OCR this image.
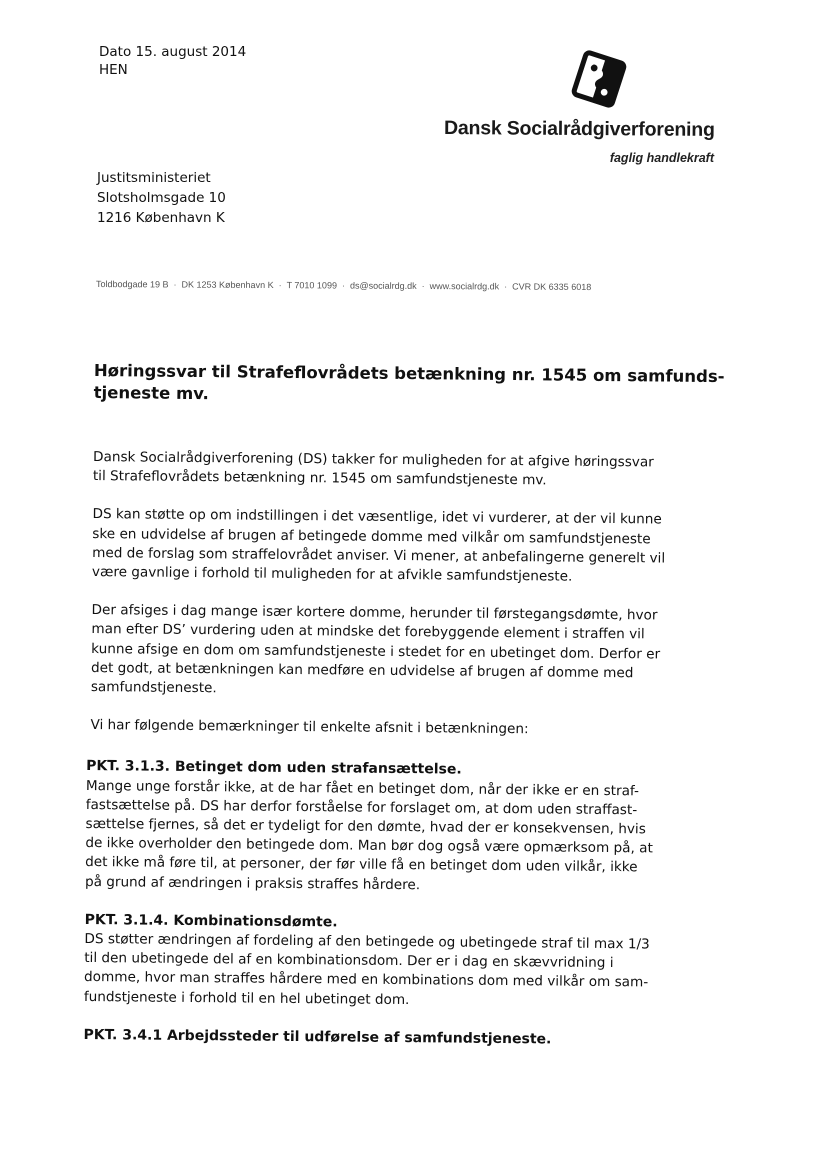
Dato 15. august 2014
HEN
Dansk Socialrådgiverforening
faglig handlekraft
Justitsministeriet
Slotsholmsgade 10
1216 København K
Toldbodgade 19 B · DK 1253 København K · T 7010 1099 · ds@socialrdg.dk · www.socialrdg.dk · CVR DK 6335 6018
Høringssvar til Strafeflovrådets betænkning nr. 1545 om samfunds-
tjeneste mv.
Dansk Socialrådgiverforening (DS) takker for muligheden for at afgive høringssvar
til Strafeflovrådets betænkning nr. 1545 om samfundstjeneste mv.
DS kan støtte op om indstillingen i det væsentlige, idet vi vurderer, at der vil kunne
ske en udvidelse af brugen af betingede domme med vilkår om samfundstjeneste
med de forslag som straffelovrådet anviser. Vi mener, at anbefalingerne generelt vil
være gavnlige i forhold til muligheden for at afvikle samfundstjeneste.
Der afsiges i dag mange især kortere domme, herunder til førstegangsdømte, hvor
man efter DS’ vurdering uden at mindske det forebyggende element i straffen vil
kunne afsige en dom om samfundstjeneste i stedet for en ubetinget dom. Derfor er
det godt, at betænkningen kan medføre en udvidelse af brugen af domme med
samfundstjeneste.
Vi har følgende bemærkninger til enkelte afsnit i betænkningen:
PKT. 3.1.3. Betinget dom uden strafansættelse.
Mange unge forstår ikke, at de har fået en betinget dom, når der ikke er en straf-
fastsættelse på. DS har derfor forståelse for forslaget om, at dom uden straffast-
sættelse fjernes, så det er tydeligt for den dømte, hvad der er konsekvensen, hvis
de ikke overholder den betingede dom. Man bør dog også være opmærksom på, at
det ikke må føre til, at personer, der før ville få en betinget dom uden vilkår, ikke
på grund af ændringen i praksis straffes hårdere.
PKT. 3.1.4. Kombinationsdømte.
DS støtter ændringen af fordeling af den betingede og ubetingede straf til max 1/3
til den ubetingede del af en kombinationsdom. Der er i dag en skævvridning i
domme, hvor man straffes hårdere med en kombinations dom med vilkår om sam-
fundstjeneste i forhold til en hel ubetinget dom.
PKT. 3.4.1 Arbejdssteder til udførelse af samfundstjeneste.
